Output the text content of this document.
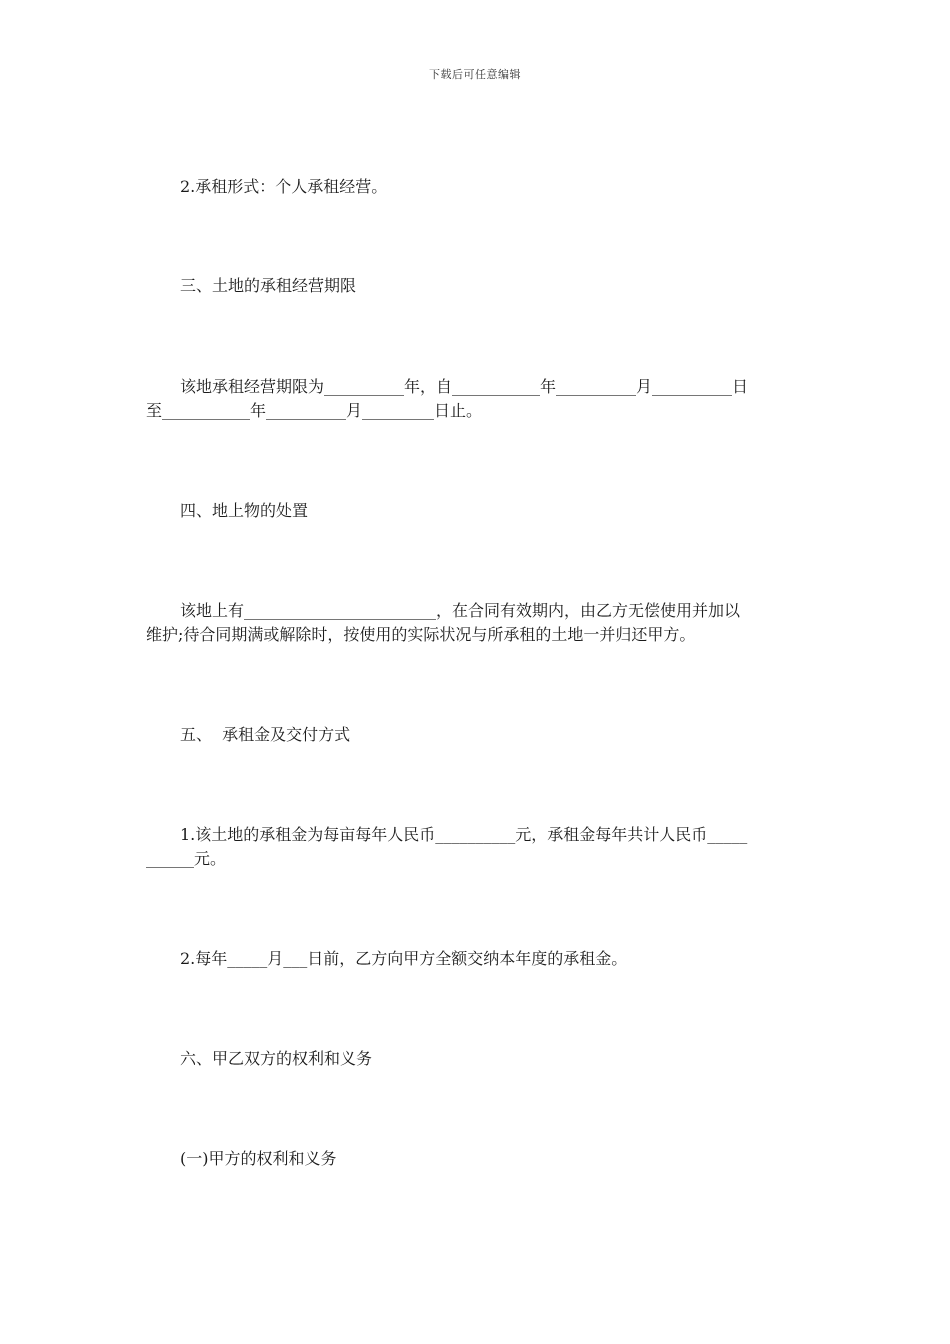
下载后可任意编辑
2.承租形式：个人承租经营。
三、土地的承租经营期限
该地承租经营期限为__________年，自___________年__________月__________日
至___________年__________月_________日止。
四、地上物的处置
该地上有________________________，在合同有效期内，由乙方无偿使用并加以
维护;待合同期满或解除时，按使用的实际状况与所承租的土地一并归还甲方。
五、  承租金及交付方式
1.该土地的承租金为每亩每年人民币__________元，承租金每年共计人民币_____
______元。
2.每年_____月___日前，乙方向甲方全额交纳本年度的承租金。
六、甲乙双方的权利和义务
(一)甲方的权利和义务
